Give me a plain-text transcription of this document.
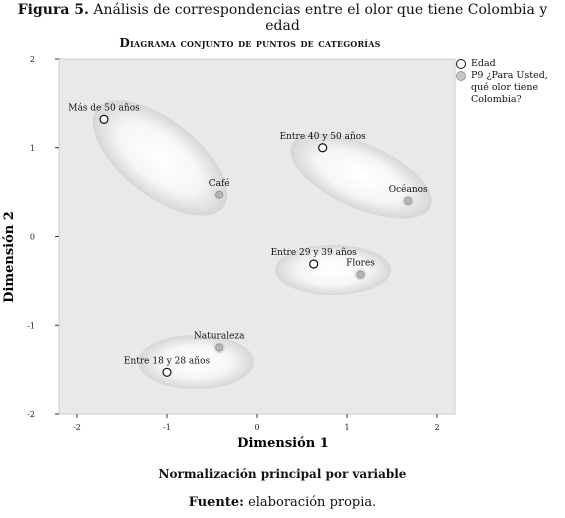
Figura 5. Análisis de correspondencias entre el olor que tiene Colombia y edad
Diagrama conjunto de puntos de categorías
-2	-1	0	1	2
-2
-1
0
1
2
Más de 50 años
Entre 40 y 50 años
Entre 29 y 39 años
Entre 18 y 28 años
Café
Océanos
Flores
Naturaleza
Dimensión 1
Dimensión 2
Edad
P9 ¿Para Usted, qué olor tiene Colombia?
Normalización principal por variable
Fuente: elaboración propia.
